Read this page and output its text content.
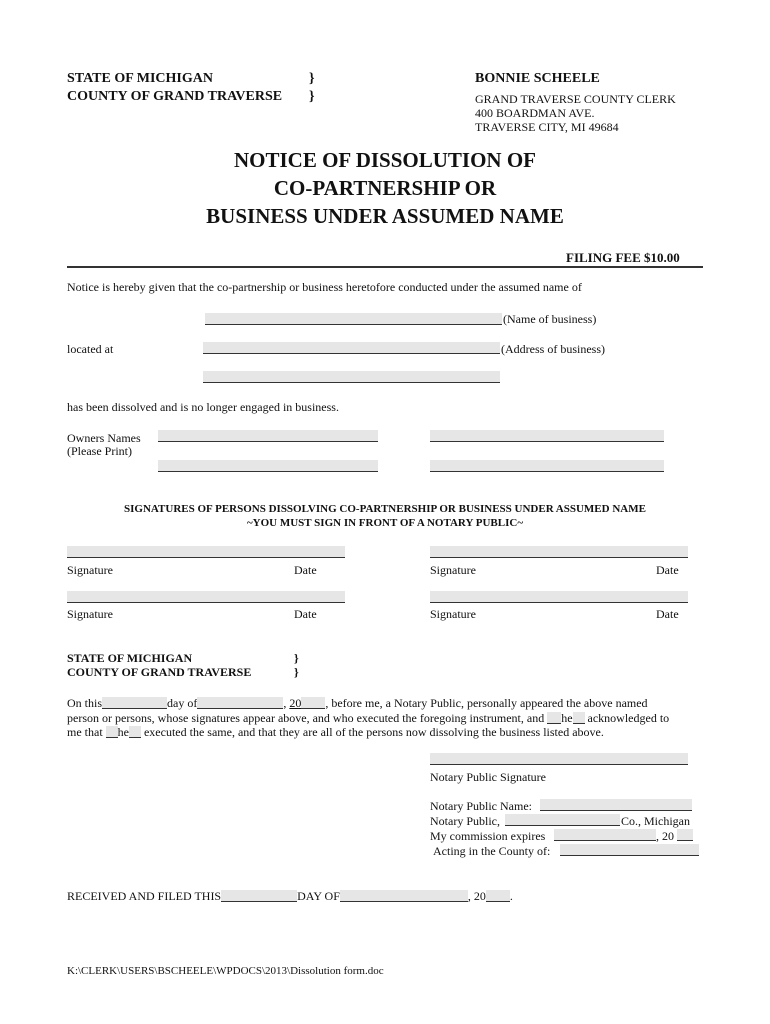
STATE OF MICHIGAN	}
COUNTY OF GRAND TRAVERSE }
BONNIE SCHEELE
GRAND TRAVERSE COUNTY CLERK
400 BOARDMAN AVE.
TRAVERSE CITY, MI 49684
NOTICE OF DISSOLUTION OF
CO-PARTNERSHIP OR
BUSINESS UNDER ASSUMED NAME
FILING FEE $10.00
Notice is hereby given that the co-partnership or business heretofore conducted under the assumed name of
(Name of business)
located at	(Address of business)
has been dissolved and is no longer engaged in business.
Owners Names
(Please Print)
SIGNATURES OF PERSONS DISSOLVING CO-PARTNERSHIP OR BUSINESS UNDER ASSUMED NAME
~YOU MUST SIGN IN FRONT OF A NOTARY PUBLIC~
Signature	Date	Signature	Date
Signature	Date	Signature	Date
STATE OF MICHIGAN	}
COUNTY OF GRAND TRAVERSE	}
On this	day of	, 20 , before me, a Notary Public, personally appeared the above named
person or persons, whose signatures appear above, and who executed the foregoing instrument, and he acknowledged to
me that he executed the same, and that they are all of the persons now dissolving the business listed above.
Notary Public Signature
Notary Public Name:
Notary Public,	Co., Michigan
My commission expires	, 20
Acting in the County of:
RECEIVED AND FILED THIS	DAY OF	, 20 .
K:\CLERK\USERS\BSCHEELE\WPDOCS\2013\Dissolution form.doc
